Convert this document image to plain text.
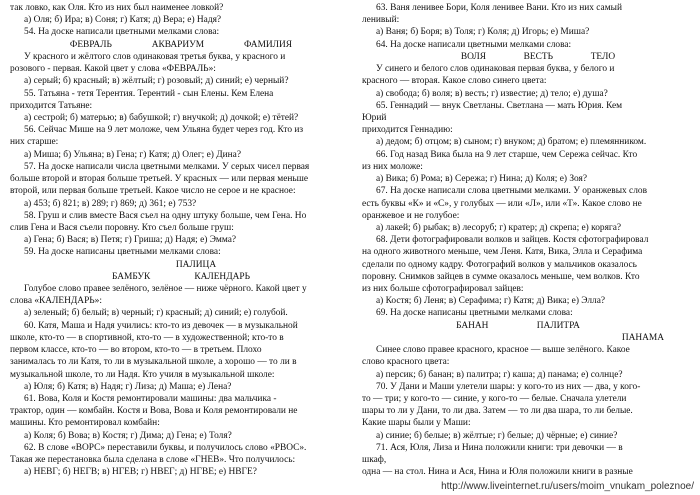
так ловко, как Оля. Кто из них был наименее ловкой?

а) Оля; б) Ира; в) Соня; г) Катя; д) Вера; е) Надя?

54. На доске написали цветными мелками слова:

ФЕВРАЛЬ	АКВАРИУМ	ФАМИЛИЯ

У красного и жёлтого слов одинаковая третья буква, у красного и

розового - первая. Какой цвет у слова «ФЕВРАЛЬ»:

а) серый; б) красный; в) жёлтый; г) розовый; д) синий; е) черный?

55. Татьяна - тетя Терентия. Терентий - сын Елены. Кем Елена

приходится Татьяне:

а) сестрой; б) матерью; в) бабушкой; г) внучкой; д) дочкой; е) тётей?

56. Сейчас Мише на 9 лет моложе, чем Ульяна будет через год. Кто из

них старше:

а) Миша; б) Ульяна; в) Гена; г) Катя; д) Олег; е) Дина?

57. На доске написали числа цветными мелками. У серых чисел первая

больше второй и вторая больше третьей. У красных — или первая меньше

второй, или первая больше третьей. Какое число не серое и не красное:

а) 453; б) 821; в) 289; г) 869; д) 361; е) 753?

58. Груш и слив вместе Вася съел на одну штуку больше, чем Гена. Но

слив Гена и Вася съели поровну. Кто съел больше груш:

а) Гена; б) Вася; в) Петя; г) Гриша; д) Надя; е) Эмма?

59. На доске написаны цветными мелками слова:

ПАЛИЦА

БАМБУК	КАЛЕНДАРЬ

Голубое слово правее зелёного, зелёное — ниже чёрного. Какой цвет у

слова «КАЛЕНДАРЬ»:

а) зеленый; б) белый; в) черный; г) красный; д) синий; е) голубой.

60. Катя, Маша и Надя учились: кто-то из девочек — в музыкальной

школе, кто-то — в спортивной, кто-то — в художественной; кто-то в

первом классе, кто-то — во втором, кто-то — в третьем. Плохо

занималась то ли Катя, то ли в музыкальной школе, а хорошо — то ли в

музыкальной школе, то ли Надя. Кто училя в музыкальной школе:

а) Юля; б) Катя; в) Надя; г) Лиза; д) Маша; е) Лена?

61. Вова, Коля и Костя ремонтировали машины: два мальчика -

трактор, один — комбайн. Костя и Вова, Вова и Коля ремонтировали не

машины. Кто ремонтировал комбайн:

а) Коля; б) Вова; в) Костя; г) Дима; д) Гена; е) Толя?

62. В слове «ВОРС» переставили буквы, и получилось слово «РВОС».

Такая же перестановка была сделана в слове «ГНЕВ». Что получилось:

а) НЕВГ; б) НЕГВ; в) НГЕВ; г) НВЕГ; д) НГВЕ; е) НВГЕ?

63. Ваня ленивее Бори, Коля ленивее Вани. Кто из них самый

ленивый:

а) Ваня; б) Боря; в) Толя; г) Коля; д) Игорь; е) Миша?

64. На доске написали цветными мелками слова:

ВОЛЯ	ВЕСТЬ	ТЕЛО

У синего и белого слов одинаковая первая буква, у белого и

красного — вторая. Какое слово синего цвета:

а) свобода; б) воля; в) весть; г) известие; д) тело; е) душа?

65. Геннадий — внук Светланы. Светлана — мать Юрия. Кем

Юрий

приходится Геннадию:

а) дедом; б) отцом; в) сыном; г) внуком; д) братом; е) племянником.

66. Год назад Вика была на 9 лет старше, чем Сережа сейчас. Кто

из них моложе:

а) Вика; б) Рома; в) Сережа; г) Нина; д) Коля; е) Зоя?

67. На доске написали слова цветными мелками. У оранжевых слов

есть буквы «К» и «С», у голубых — или «Л», или «Т». Какое слово не

оранжевое и не голубое:

а) лакей; б) рыбак; в) лесоруб; г) кратер; д) скрепа; е) коряга?

68. Дети фотографировали волков и зайцев. Костя сфотографировал

на одного животного меньше, чем Леня. Катя, Вика, Элла и Серафима

сделали по одному кадру. Фотографий волков у мальчиков оказалось

поровну. Снимков зайцев в сумме оказалось меньше, чем волков. Кто

из них больше сфотографировал зайцев:

а) Костя; б) Леня; в) Серафима; г) Катя; д) Вика; е) Элла?

69. На доске написаны цветными мелками слова:

БАНАН	ПАЛИТРА

ПАНАМА

Синее слово правее красного, красное — выше зелёного. Какое

слово красного цвета:

а) персик; б) банан; в) палитра; г) каша; д) панама; е) солнце?

70. У Дани и Маши улетели шары: у кого-то из них — два, у кого-

то — три; у кого-то — синие, у кого-то — белые. Сначала улетели

шары то ли у Дани, то ли два. Затем — то ли два шара, то ли белые.

Какие шары были у Маши:

а) синие; б) белые; в) жёлтые; г) белые; д) чёрные; е) синие?

71. Ася, Юля, Лиза и Нина положили книги: три девочки — в

шкаф,

одна — на стол. Нина и Ася, Нина и Юля положили книги в разные

http://www.liveinternet.ru/users/moim_vnukam_poleznoe/
